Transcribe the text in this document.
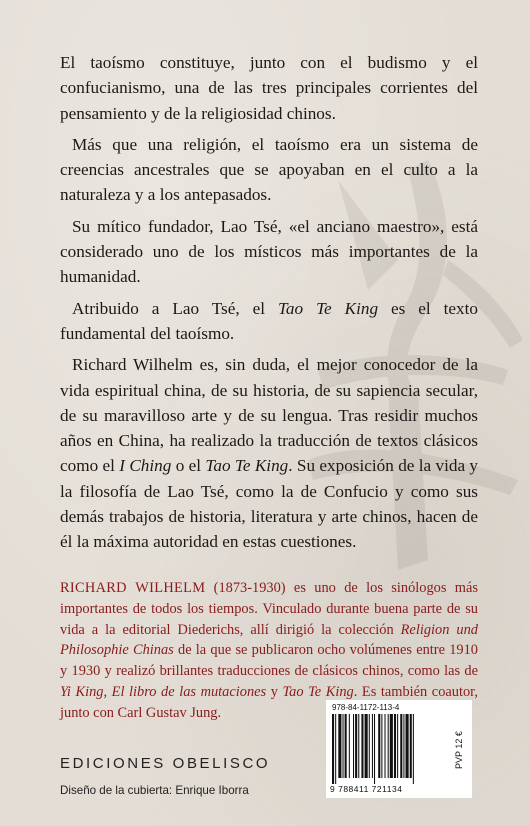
El taoísmo constituye, junto con el budismo y el confucianismo, una de las tres principales corrientes del pensamiento y de la religiosidad chinos.

Más que una religión, el taoísmo era un sistema de creencias ancestrales que se apoyaban en el culto a la naturaleza y a los antepasados.

Su mítico fundador, Lao Tsé, «el anciano maestro», está considerado uno de los místicos más importantes de la humanidad.

Atribuido a Lao Tsé, el Tao Te King es el texto fundamental del taoísmo.

Richard Wilhelm es, sin duda, el mejor conocedor de la vida espiritual china, de su historia, de su sapiencia secular, de su maravilloso arte y de su lengua. Tras residir muchos años en China, ha realizado la traducción de textos clásicos como el I Ching o el Tao Te King. Su exposición de la vida y la filosofía de Lao Tsé, como la de Confucio y como sus demás trabajos de historia, literatura y arte chinos, hacen de él la máxima autoridad en estas cuestiones.

RICHARD WILHELM (1873-1930) es uno de los sinólogos más importantes de todos los tiempos. Vinculado durante buena parte de su vida a la editorial Diederichs, allí dirigió la colección Religion und Philosophie Chinas de la que se publicaron ocho volúmenes entre 1910 y 1930 y realizó brillantes traducciones de clásicos chinos, como las de Yi King, El libro de las mutaciones y Tao Te King. Es también coautor, junto con Carl Gustav Jung.

EDICIONES OBELISCO
Diseño de la cubierta: Enrique Iborra
978-84-1172-113-4
9 788411 721134
PVP 12 €
